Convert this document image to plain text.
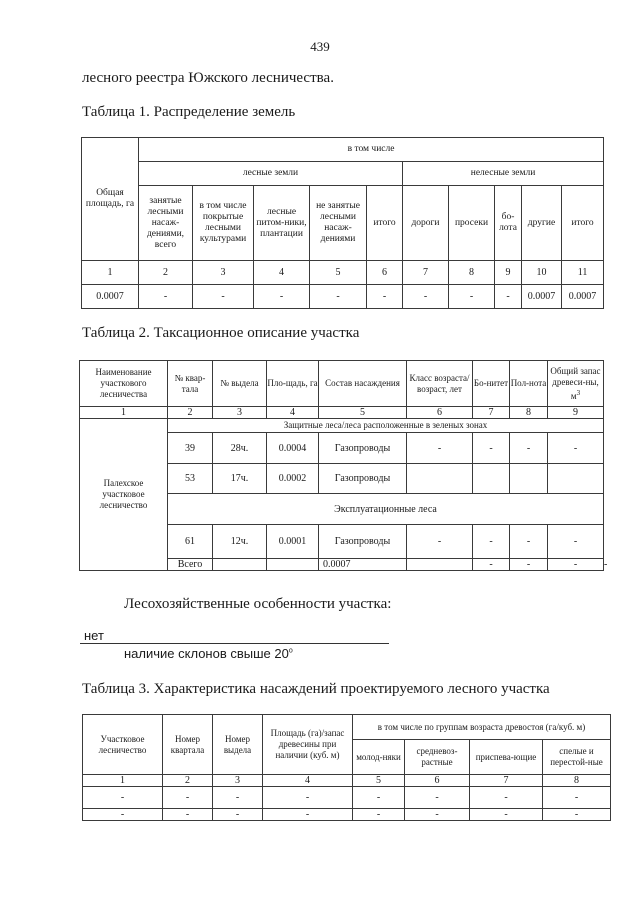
439
лесного реестра Южского лесничества.
Таблица 1. Распределение земель
Общая площадь, га	в том числе									
	лесные земли					нелесные земли				
	занятые лесными насаж-дениями, всего	в том числе покрытые лесными культурами	лесные питом-ники, плантации	не занятые лесными насаж-дениями	итого	дороги	просеки	бо-лота	другие	итого
1	2	3	4	5	6	7	8	9	10	11
0.0007	-	-	-	-	-	-	-	-	0.0007	0.0007
Таблица 2. Таксационное описание участка
Наименование участкового лесничества	№ квар-тала	№ выдела	Пло-щадь, га	Состав насаждения	Класс возраста/ возраст, лет	Бо-нитет	Пол-нота	Общий запас древеси-ны, $м^3$
1	2	3	4	5	6	7	8	9	
Палехское участковое лесничество	Защитные леса/леса расположенные в зеленых зонах								
	39	28ч.	0.0004	Газопроводы	-	-	-	-	
	53	17ч.	0.0002	Газопроводы					
	Эксплуатационные леса								
	61	12ч.	0.0001	Газопроводы	-	-	-	-	
	Всего			0.0007		-	-	-	-
Лесохозяйственные особенности участка:
нет
наличие склонов свыше $20^о$
Таблица 3. Характеристика насаждений проектируемого лесного участка
Участковое лесничество	Номер квартала	Номер выдела	Площадь (га)/запас древесины при наличии (куб. м)	в том числе по группам возраста древостоя (га/куб. м)			
				молод-няки	средневоз-растные	приспева-ющие	спелые и перестой-ные
1	2	3	4	5	6	7	8
-	-	-	-	-	-	-	-
-	-	-	-	-	-	-	-
